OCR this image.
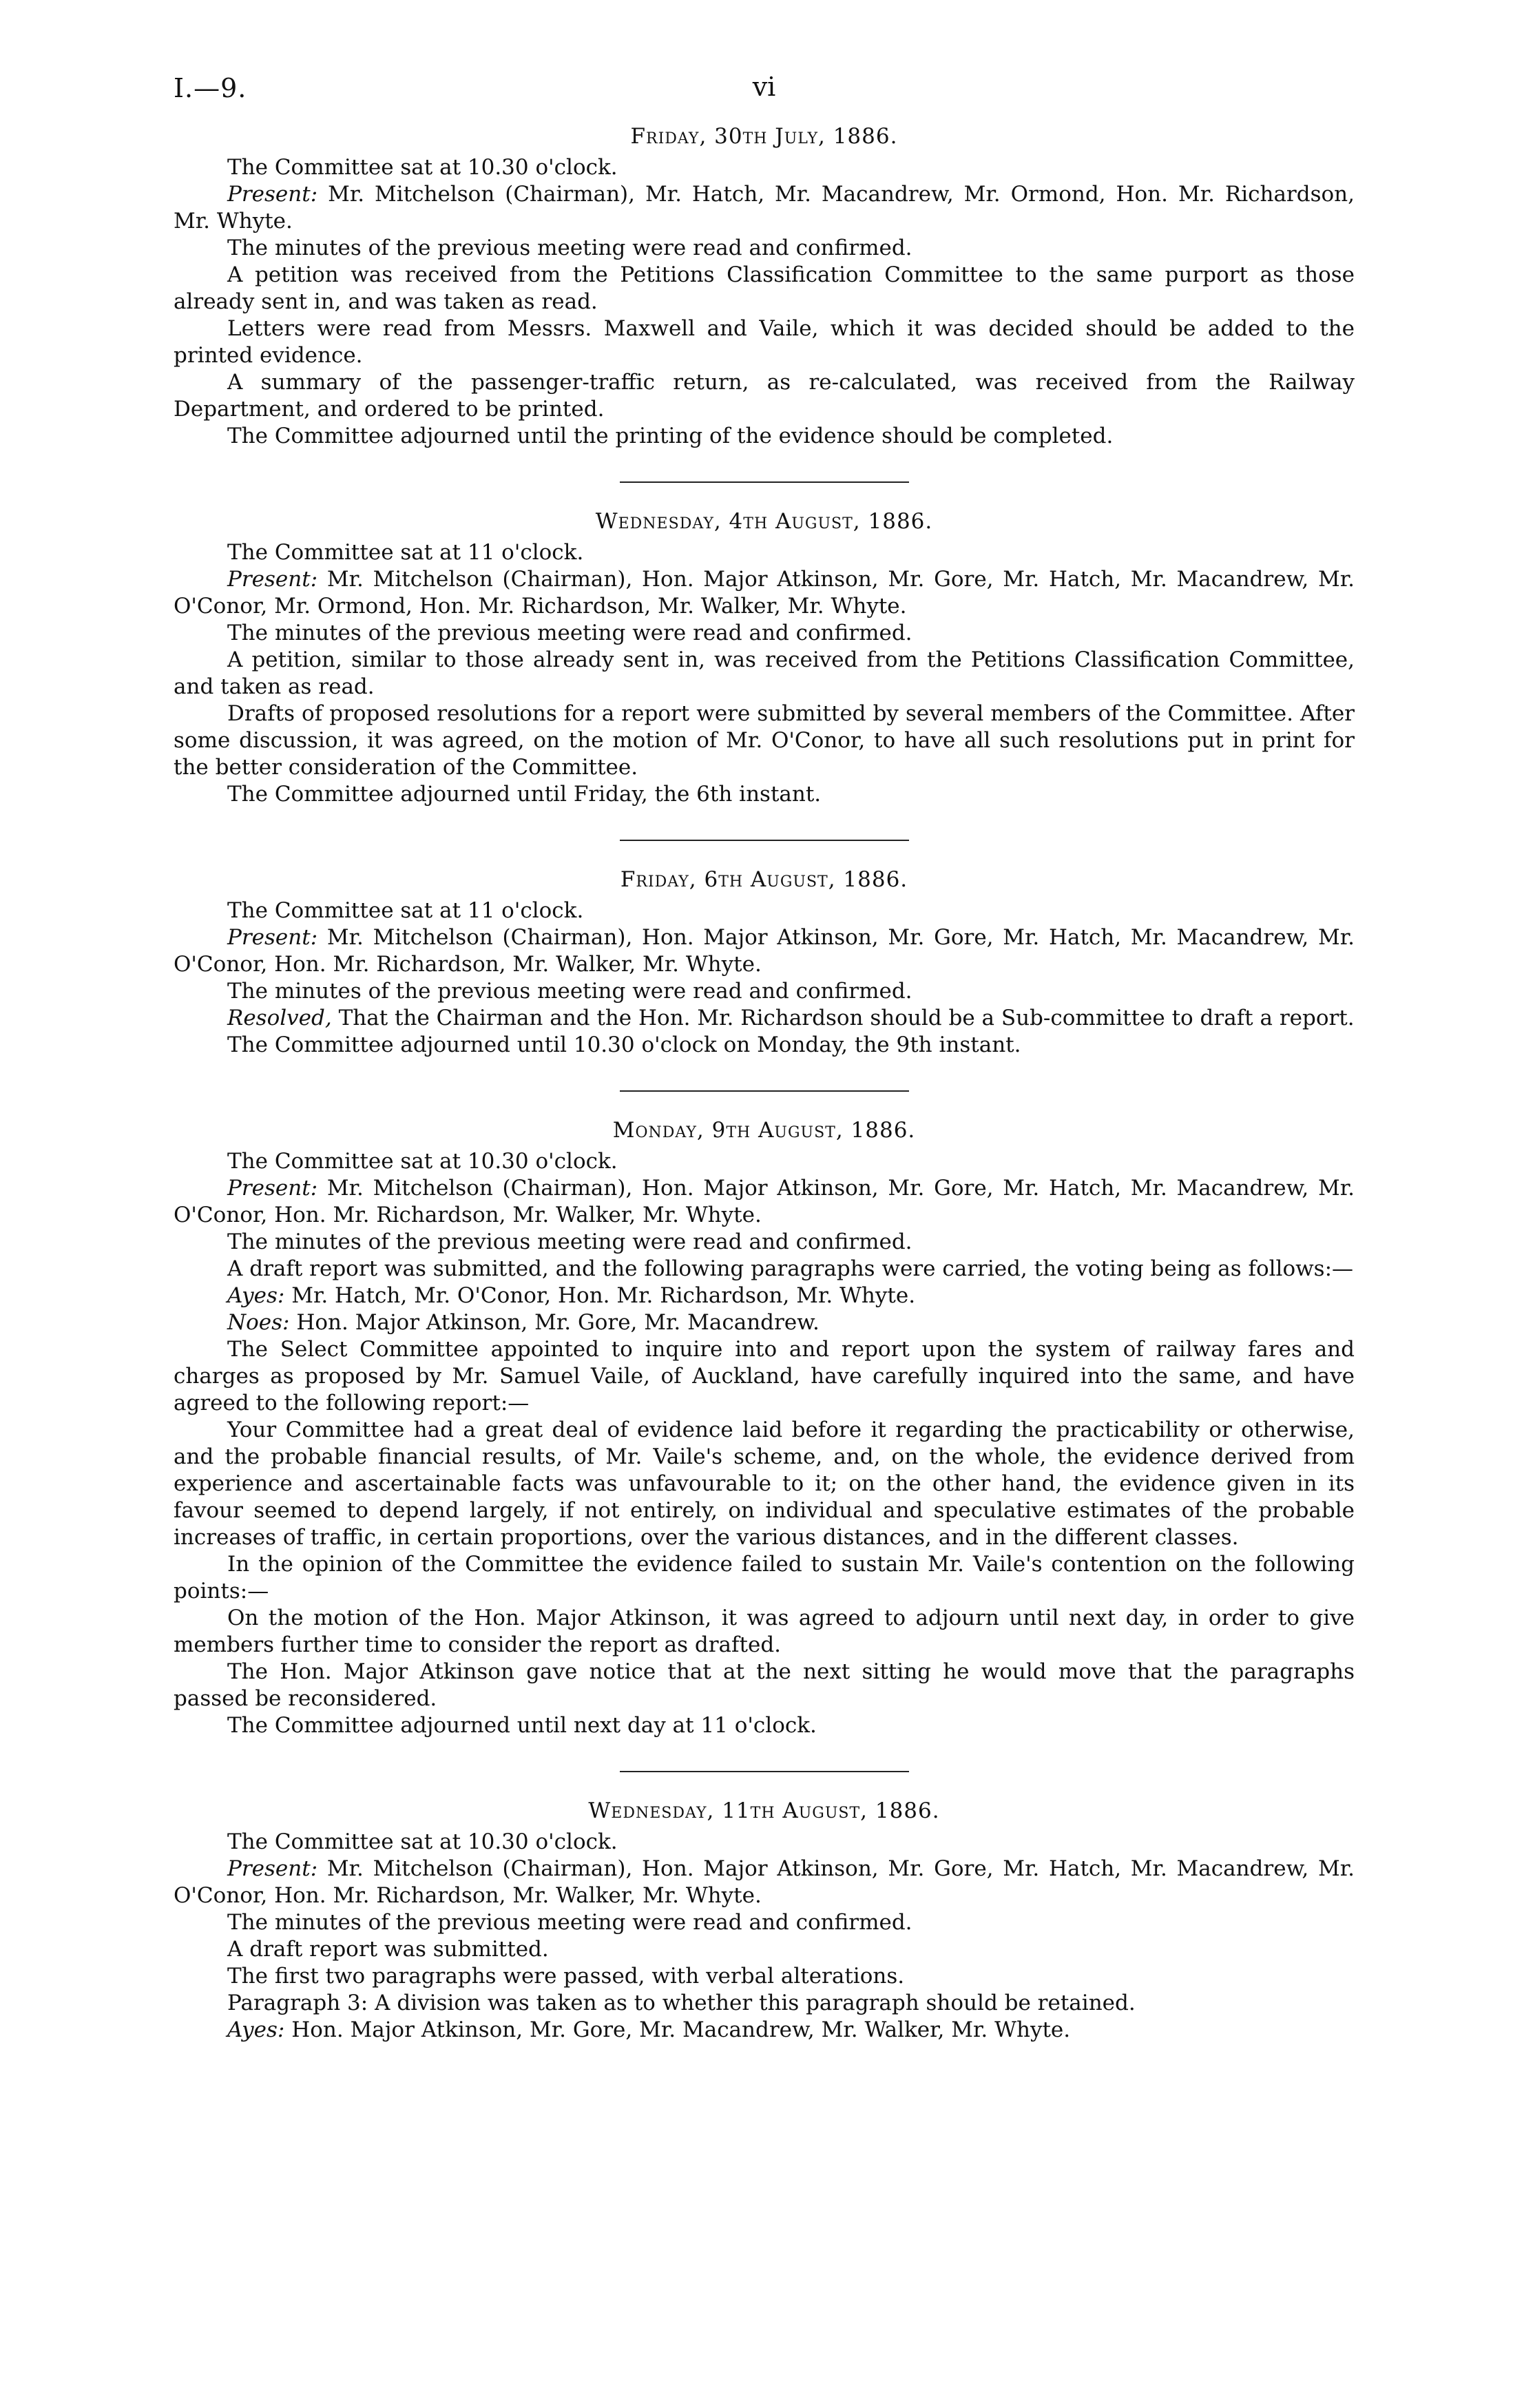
I.—9.	vi
Friday, 30th July, 1886.

The Committee sat at 10.30 o'clock.

Present: Mr. Mitchelson (Chairman), Mr. Hatch, Mr. Macandrew, Mr. Ormond, Hon. Mr. Richardson, Mr. Whyte.

The minutes of the previous meeting were read and confirmed.

A petition was received from the Petitions Classification Committee to the same purport as those already sent in, and was taken as read.

Letters were read from Messrs. Maxwell and Vaile, which it was decided should be added to the printed evidence.

A summary of the passenger-traffic return, as re-calculated, was received from the Railway Department, and ordered to be printed.

The Committee adjourned until the printing of the evidence should be completed.

Wednesday, 4th August, 1886.

The Committee sat at 11 o'clock.

Present: Mr. Mitchelson (Chairman), Hon. Major Atkinson, Mr. Gore, Mr. Hatch, Mr. Macandrew, Mr. O'Conor, Mr. Ormond, Hon. Mr. Richardson, Mr. Walker, Mr. Whyte.

The minutes of the previous meeting were read and confirmed.

A petition, similar to those already sent in, was received from the Petitions Classification Committee, and taken as read.

Drafts of proposed resolutions for a report were submitted by several members of the Committee. After some discussion, it was agreed, on the motion of Mr. O'Conor, to have all such resolutions put in print for the better consideration of the Committee.

The Committee adjourned until Friday, the 6th instant.

Friday, 6th August, 1886.

The Committee sat at 11 o'clock.

Present: Mr. Mitchelson (Chairman), Hon. Major Atkinson, Mr. Gore, Mr. Hatch, Mr. Macandrew, Mr. O'Conor, Hon. Mr. Richardson, Mr. Walker, Mr. Whyte.

The minutes of the previous meeting were read and confirmed.

Resolved, That the Chairman and the Hon. Mr. Richardson should be a Sub-committee to draft a report.

The Committee adjourned until 10.30 o'clock on Monday, the 9th instant.

Monday, 9th August, 1886.

The Committee sat at 10.30 o'clock.

Present: Mr. Mitchelson (Chairman), Hon. Major Atkinson, Mr. Gore, Mr. Hatch, Mr. Macandrew, Mr. O'Conor, Hon. Mr. Richardson, Mr. Walker, Mr. Whyte.

The minutes of the previous meeting were read and confirmed.

A draft report was submitted, and the following paragraphs were carried, the voting being as follows:—

Ayes: Mr. Hatch, Mr. O'Conor, Hon. Mr. Richardson, Mr. Whyte.

Noes: Hon. Major Atkinson, Mr. Gore, Mr. Macandrew.

The Select Committee appointed to inquire into and report upon the system of railway fares and charges as proposed by Mr. Samuel Vaile, of Auckland, have carefully inquired into the same, and have agreed to the following report:—

Your Committee had a great deal of evidence laid before it regarding the practicability or otherwise, and the probable financial results, of Mr. Vaile's scheme, and, on the whole, the evidence derived from experience and ascertainable facts was unfavourable to it; on the other hand, the evidence given in its favour seemed to depend largely, if not entirely, on individual and speculative estimates of the probable increases of traffic, in certain proportions, over the various distances, and in the different classes.

In the opinion of the Committee the evidence failed to sustain Mr. Vaile's contention on the following points:—

On the motion of the Hon. Major Atkinson, it was agreed to adjourn until next day, in order to give members further time to consider the report as drafted.

The Hon. Major Atkinson gave notice that at the next sitting he would move that the paragraphs passed be reconsidered.

The Committee adjourned until next day at 11 o'clock.

Wednesday, 11th August, 1886.

The Committee sat at 10.30 o'clock.

Present: Mr. Mitchelson (Chairman), Hon. Major Atkinson, Mr. Gore, Mr. Hatch, Mr. Macandrew, Mr. O'Conor, Hon. Mr. Richardson, Mr. Walker, Mr. Whyte.

The minutes of the previous meeting were read and confirmed.

A draft report was submitted.

The first two paragraphs were passed, with verbal alterations.

Paragraph 3: A division was taken as to whether this paragraph should be retained.

Ayes: Hon. Major Atkinson, Mr. Gore, Mr. Macandrew, Mr. Walker, Mr. Whyte.
